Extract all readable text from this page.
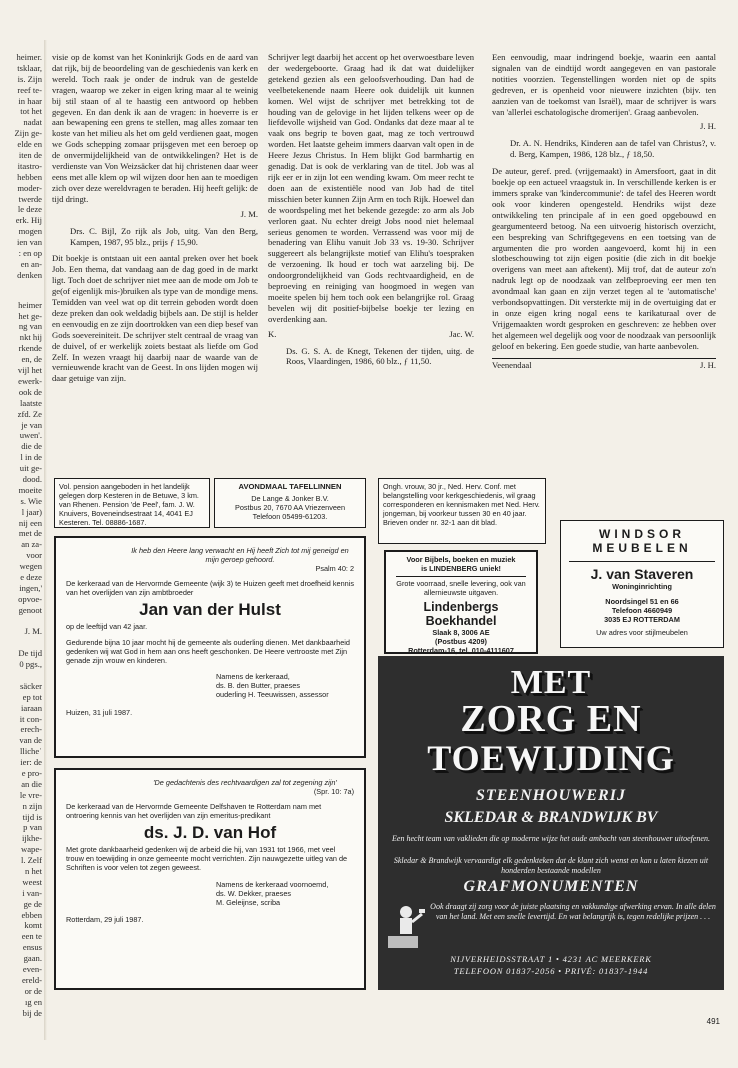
heimer.
tsklaar,
is. Zijn
reef te-
in haar
tot het
nadat
Zijn ge-
elde en
iten de
itastro-
hebben
moder-
twerde
le deze
erk. Hij
mogen
ien van
: en op
en an-
denken
heimer
het ge-
ng van
nkt hij
rkende
en, de
vijl het
ewerk-
ook de
laatste
zfd. Ze
je van
uwen'.
die de
l in de
uit ge-
dood.
moeite
s. Wie
l jaar)
nij een
met de
an za-
voor
wegen
e deze
ingen,'
opvoe-
genoot
J. M.
De tijd
0 pgs.,
säcker
ep tot
iaraan
it con-
erech-
van de
llicheˈ
ier: de
e pro-
an die
le vre-
n zijn
tijd is
p van
ijkhe-
wape-
l. Zelf
n het
weest
i van-
ge de
ebben
komt
een te
ensus
gaan.
even-
ereld-
or de
ıg en
bij de

visie op de komst van het Koninkrijk Gods en de aard van dat rijk, bij de beoordeling van de geschiedenis van kerk en wereld. Toch raak je onder de indruk van de gestelde vragen, waarop we zeker in eigen kring maar al te weinig bij stil staan of al te haastig een antwoord op hebben gegeven. En dan denk ik aan de vragen: in hoeverre is er aan bewapening een grens te stellen, mag alles zomaar ten koste van het milieu als het om geld verdienen gaat, mogen we Gods schepping zomaar prijsgeven met een beroep op de onvermijdelijkheid van de ontwikkelingen? Het is de verdienste van Von Weizsäcker dat hij christenen daar weer eens met alle klem op wil wijzen door hen aan te moedigen zich over deze wereldvragen te beraden. Hij heeft gelijk: de tijd dringt.

J. M.

Drs. C. Bijl, Zo rijk als Job, uitg. Van den Berg, Kampen, 1987, 95 blz., prijs ƒ 15,90.

Dit boekje is ontstaan uit een aantal preken over het boek Job. Een thema, dat vandaag aan de dag goed in de markt ligt. Toch doet de schrijver niet mee aan de mode om Job te ge(of eigenlijk mis-)bruiken als type van de mondige mens. Temidden van veel wat op dit terrein geboden wordt doen deze preken dan ook weldadig bijbels aan. De stijl is helder en eenvoudig en ze zijn doortrokken van een diep besef van Gods soevereiniteit. De schrijver stelt centraal de vraag van de duivel, of er werkelijk zoiets bestaat als liefde om God Zelf. In wezen vraagt hij daarbij naar de waarde van de vernieuwende kracht van de Geest. In ons lijden mogen wij daar getuige van zijn.

Schrijver legt daarbij het accent op het overwoestbare leven der wedergeboorte. Graag had ik dat wat duidelijker getekend gezien als een geloofsverhouding. Dan had de veelbetekenende naam Heere ook duidelijk uit kunnen komen. Wel wijst de schrijver met betrekking tot de houding van de gelovige in het lijden telkens weer op de liefdevolle wijsheid van God. Ondanks dat deze maar al te vaak ons begrip te boven gaat, mag ze toch vertrouwd worden. Het laatste geheim immers daarvan valt open in de Heere Jezus Christus. In Hem blijkt God barmhartig en genadig. Dat is ook de verklaring van de titel. Job was al rijk eer er in zijn lot een wending kwam. Om meer recht te doen aan de existentiële nood van Job had de titel misschien beter kunnen Zijn Arm en toch Rijk. Hoewel dan de woordspeling met het bekende gezegde: zo arm als Job verloren gaat. Nu echter dreigt Jobs nood niet helemaal serieus genomen te worden. Verrassend was voor mij de benadering van Elihu vanuit Job 33 vs. 19-30. Schrijver suggereert als belangrijkste motief van Elihu's toespraken de verzoening. Ik houd er toch wat aarzeling bij. De ondoorgrondelijkheid van Gods rechtvaardigheid, en de beproeving en reiniging van hoogmoed in wegen van moeite spelen bij hem toch ook een belangrijke rol. Graag bevelen wij dit positief-bijbelse boekje ter lezing en overdenking aan.

K.	Jac. W.

Ds. G. S. A. de Knegt, Tekenen der tijden, uitg. de Roos, Vlaardingen, 1986, 60 blz., ƒ 11,50.

Een eenvoudig, maar indringend boekje, waarin een aantal signalen van de eindtijd wordt aangegeven en van pastorale notities voorzien. Tegenstellingen worden niet op de spits gedreven, er is openheid voor nieuwere inzichten (bijv. ten aanzien van de toekomst van Israël), maar de schrijver is wars van 'allerlei eschatologische dromerijen'. Graag aanbevolen.

J. H.

Dr. A. N. Hendriks, Kinderen aan de tafel van Christus?, v. d. Berg, Kampen, 1986, 128 blz., ƒ 18,50.

De auteur, geref. pred. (vrijgemaakt) in Amersfoort, gaat in dit boekje op een actueel vraagstuk in. In verschillende kerken is er immers sprake van 'kindercommunie': de tafel des Heeren wordt ook voor kinderen opengesteld. Hendriks wijst deze ontwikkeling ten principale af in een goed opgebouwd en geargumenteerd betoog. Na een uitvoerig historisch overzicht, een bespreking van Schriftgegevens en een toetsing van de argumenten die pro worden aangevoerd, komt hij in een slotbeschouwing tot zijn eigen positie (die zich in dit boekje overigens van meet aan aftekent). Mij trof, dat de auteur zo'n nadruk legt op de noodzaak van zelfbeproeving eer men ten avondmaal kan gaan en zijn verzet tegen al te 'automatische' verbondsopvattingen. Dit versterkte mij in de overtuiging dat er in onze eigen kring nogal eens te karikaturaal over de Vrijgemaakten wordt gesproken en geschreven: ze hebben over het algemeen wel degelijk oog voor de noodzaak van persoonlijk geloof en bekering. Een goede studie, van harte aanbevolen.

Veenendaal	J. H.

Vol. pension aangeboden in het landelijk gelegen dorp Kesteren in de Betuwe, 3 km. van Rhenen. Pension 'de Peel', fam. J. W. Knuivers, Boveneindsestraat 14, 4041 EJ Kesteren. Tel. 08886-1687.
AVONDMAAL TAFELLINNEN
De Lange & Jonker B.V.
Postbus 20, 7670 AA Vriezenveen
Telefoon 05499-61203.
Ongh. vrouw, 30 jr., Ned. Herv. Conf. met belangstelling voor kerkgeschiedenis, wil graag corresponderen en kennismaken met Ned. Herv. jongeman, bij voorkeur tussen 30 en 40 jaar. Brieven onder nr. 32-1 aan dit blad.
Ik heb den Heere lang verwacht en Hij heeft Zich tot mij geneigd en mijn geroep gehoord.
Psalm 40: 2
De kerkeraad van de Hervormde Gemeente (wijk 3) te Huizen geeft met droefheid kennis van het overlijden van zijn ambtbroeder
Jan van der Hulst
op de leeftijd van 42 jaar.
Gedurende bijna 10 jaar mocht hij de gemeente als ouderling dienen. Met dankbaarheid gedenken wij wat God in hem aan ons heeft geschonken. De Heere vertrooste met Zijn genade zijn vrouw en kinderen.
Namens de kerkeraad,
ds. B. den Butter, praeses
ouderling H. Teeuwissen, assessor
Huizen, 31 juli 1987.
'De gedachtenis des rechtvaardigen zal tot zegening zijn'
(Spr. 10: 7a)
De kerkeraad van de Hervormde Gemeente Delfshaven te Rotterdam nam met ontroering kennis van het overlijden van zijn emeritus-predikant
ds. J. D. van Hof
Met grote dankbaarheid gedenken wij de arbeid die hij, van 1931 tot 1966, met veel trouw en toewijding in onze gemeente mocht verrichten. Zijn nauwgezette uitleg van de Schriften is voor velen tot zegen geweest.
Namens de kerkeraad voornoemd,
ds. W. Dekker, praeses
M. Geleijnse, scriba
Rotterdam, 29 juli 1987.
Voor Bijbels, boeken en muziek
is LINDENBERG uniek!
Grote voorraad, snelle levering, ook van allernieuwste uitgaven.
Lindenbergs
Boekhandel
Slaak 8, 3006 AE
(Postbus 4209)
Rotterdam-16, tel. 010-4111607
WINDSOR
MEUBELEN
J. van Staveren
Woninginrichting
Noordsingel 51 en 66
Telefoon 4660949
3035 EJ ROTTERDAM
Uw adres voor stijlmeubelen
MET
ZORG EN
TOEWIJDING
STEENHOUWERIJ
SKLEDAR & BRANDWIJK BV
Een hecht team van vaklieden die op moderne wijze het oude ambacht van steenhouwer uitoefenen.
Skledar & Brandwijk vervaardigt elk gedenkteken dat de klant zich wenst en kan u laten kiezen uit honderden bestaande modellen
GRAFMONUMENTEN
Ook draagt zij zorg voor de juiste plaatsing en vakkundige afwerking ervan. In alle delen van het land. Met een snelle levertijd. En wat belangrijk is, tegen redelijke prijzen . . .
NIJVERHEIDSSTRAAT 1 • 4231 AC MEERKERK
TELEFOON 01837-2056 • PRIVÉ: 01837-1944
491
